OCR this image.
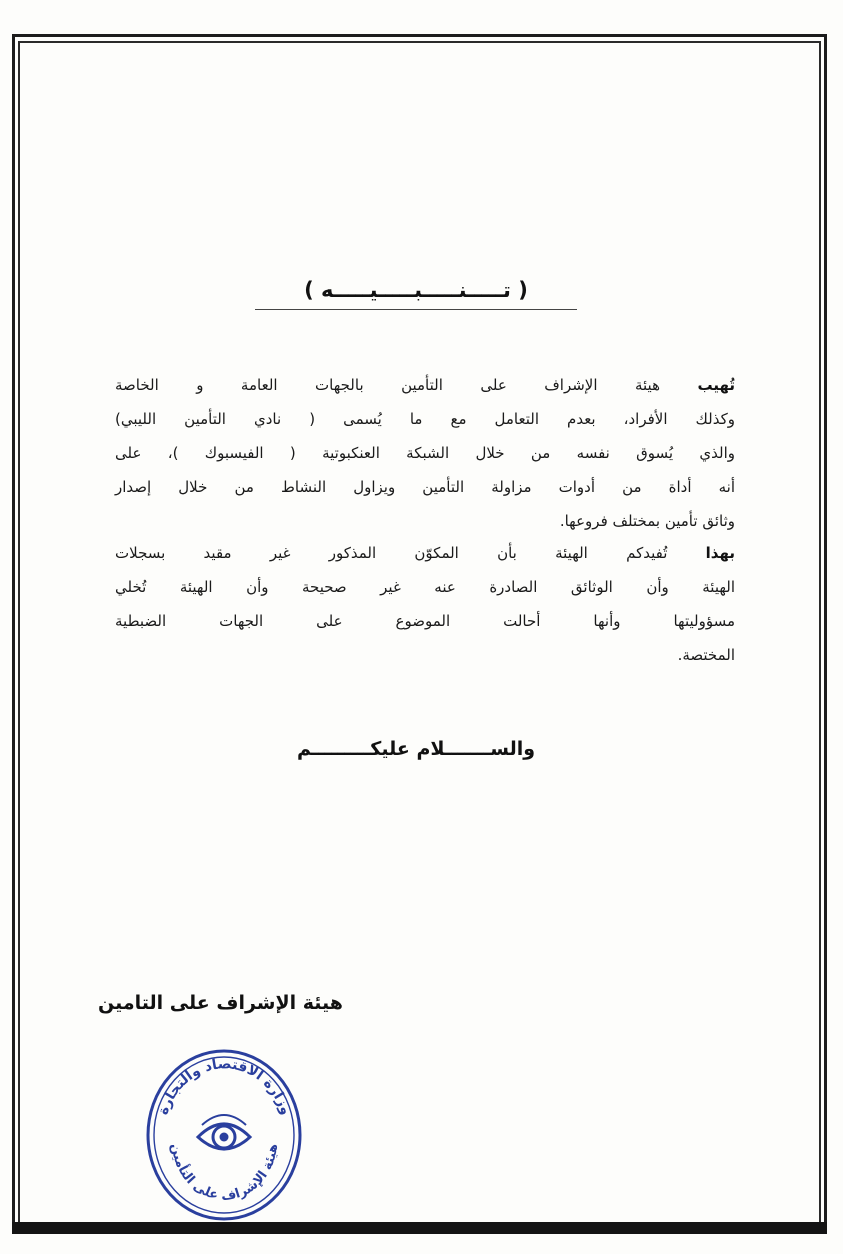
( تـــــنـــــبـــــيـــــه )
تُهيب هيئة الإشراف على التأمين بالجهات العامة و الخاصة
وكذلك الأفراد، بعدم التعامل مع ما يُسمى ( نادي التأمين الليبي)
والذي يُسوق نفسه من خلال الشبكة العنكبوتية ( الفيسبوك )، على
أنه أداة من أدوات مزاولة التأمين ويزاول النشاط من خلال إصدار
وثائق تأمين بمختلف فروعها.
بهذا تُفيدكم الهيئة بأن المكوّن المذكور غير مقيد بسجلات
الهيئة وأن الوثائق الصادرة عنه غير صحيحة وأن الهيئة تُخلي
مسؤوليتها وأنها أحالت الموضوع على الجهات الضبطية
المختصة.
والســـــــلام عليكـــــــــم
هيئة الإشراف على التامين
وزارة الاقتصاد والتجارة
هيئة الإشراف على التأمين
